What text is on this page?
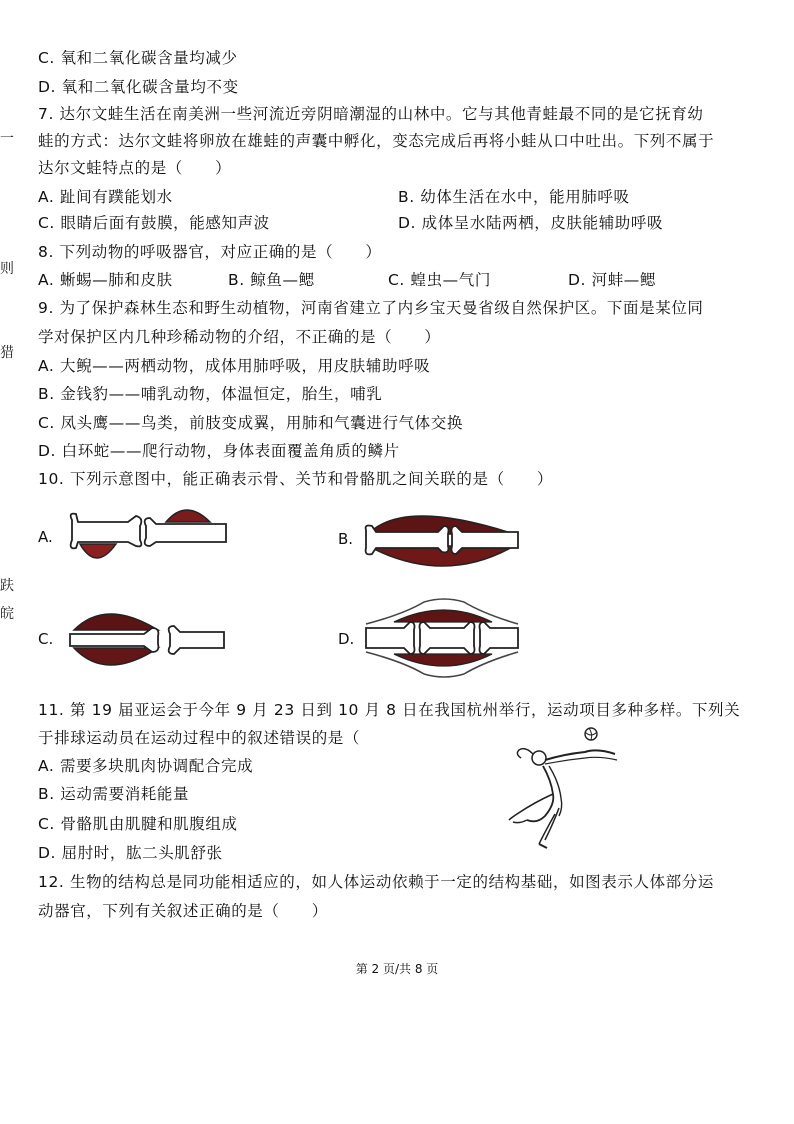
一
则
猎
趺
皖
C. 氧和二氧化碳含量均减少
D. 氧和二氧化碳含量均不变
7. 达尔文蛙生活在南美洲一些河流近旁阴暗潮湿的山林中。它与其他青蛙最不同的是它抚育幼
蛙的方式：达尔文蛙将卵放在雄蛙的声囊中孵化，变态完成后再将小蛙从口中吐出。下列不属于
达尔文蛙特点的是（　　）
A. 趾间有蹼能划水	B. 幼体生活在水中，能用肺呼吸
C. 眼睛后面有鼓膜，能感知声波	D. 成体呈水陆两栖，皮肤能辅助呼吸
8. 下列动物的呼吸器官，对应正确的是（　　）
A. 蜥蜴—肺和皮肤	B. 鲸鱼—鳃	C. 蝗虫—气门	D. 河蚌—鳃
9. 为了保护森林生态和野生动植物，河南省建立了内乡宝天曼省级自然保护区。下面是某位同
学对保护区内几种珍稀动物的介绍，不正确的是（　　）
A. 大鲵——两栖动物，成体用肺呼吸，用皮肤辅助呼吸
B. 金钱豹——哺乳动物，体温恒定，胎生，哺乳
C. 凤头鹰——鸟类，前肢变成翼，用肺和气囊进行气体交换
D. 白环蛇——爬行动物，身体表面覆盖角质的鳞片
10. 下列示意图中，能正确表示骨、关节和骨骼肌之间关联的是（　　）
A.	B.
C.	D.
11. 第 19 届亚运会于今年 9 月 23 日到 10 月 8 日在我国杭州举行，运动项目多种多样。下列关
于排球运动员在运动过程中的叙述错误的是（
A. 需要多块肌肉协调配合完成
B. 运动需要消耗能量
C. 骨骼肌由肌腱和肌腹组成
D. 屈肘时，肱二头肌舒张
12. 生物的结构总是同功能相适应的，如人体运动依赖于一定的结构基础，如图表示人体部分运
动器官，下列有关叙述正确的是（　　）
第 2 页/共 8 页
